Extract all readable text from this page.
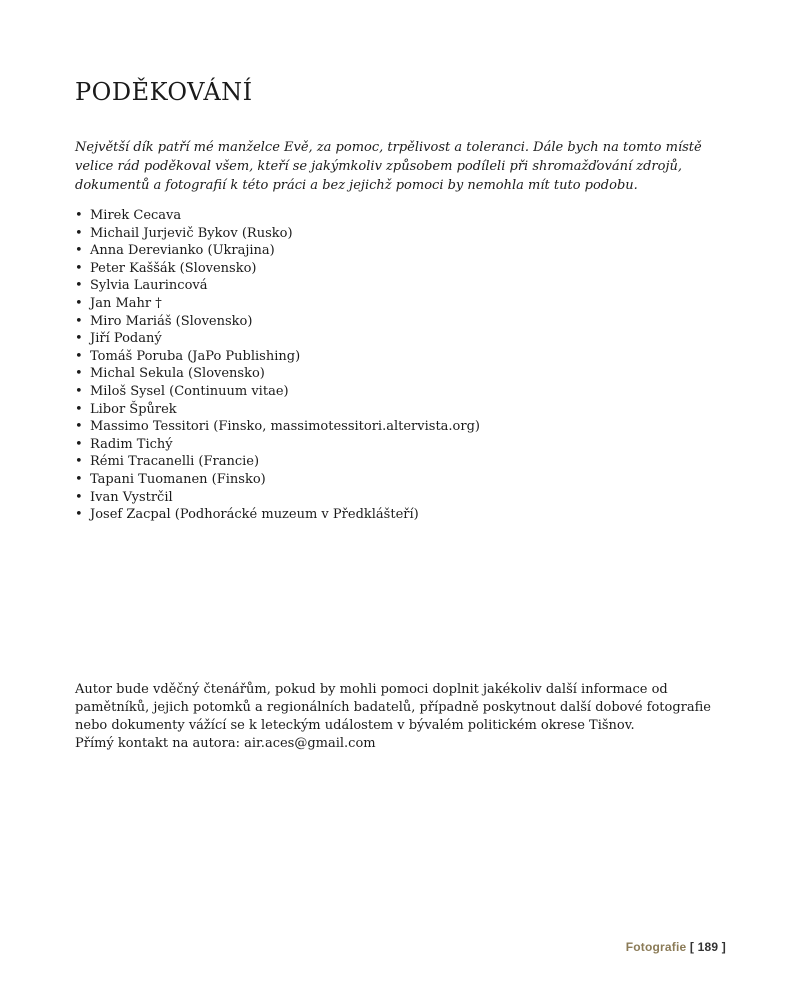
PODĚKOVÁNÍ

Největší dík patří mé manželce Evě, za pomoc, trpělivost a toleranci. Dále bych na tomto místě velice rád poděkoval všem, kteří se jakýmkoliv způsobem podíleli při shromažďování zdrojů, dokumentů a fotografií k této práci a bez jejichž pomoci by nemohla mít tuto podobu.

• Mirek Cecava
• Michail Jurjevič Bykov (Rusko)
• Anna Derevianko (Ukrajina)
• Peter Kaššák (Slovensko)
• Sylvia Laurincová
• Jan Mahr †
• Miro Mariáš (Slovensko)
• Jiří Podaný
• Tomáš Poruba (JaPo Publishing)
• Michal Sekula (Slovensko)
• Miloš Sysel (Continuum vitae)
• Libor Špůrek
• Massimo Tessitori (Finsko, massimotessitori.altervista.org)
• Radim Tichý
• Rémi Tracanelli (Francie)
• Tapani Tuomanen (Finsko)
• Ivan Vystrčil
• Josef Zacpal (Podhorácké muzeum v Předklášteří)

Autor bude vděčný čtenářům, pokud by mohli pomoci doplnit jakékoliv další informace od pamětníků, jejich potomků a regionálních badatelů, případně poskytnout další dobové fotografie nebo dokumenty vážící se k leteckým událostem v bývalém politickém okrese Tišnov.

Přímý kontakt na autora: air.aces@gmail.com

Fotografie [ 189 ]
